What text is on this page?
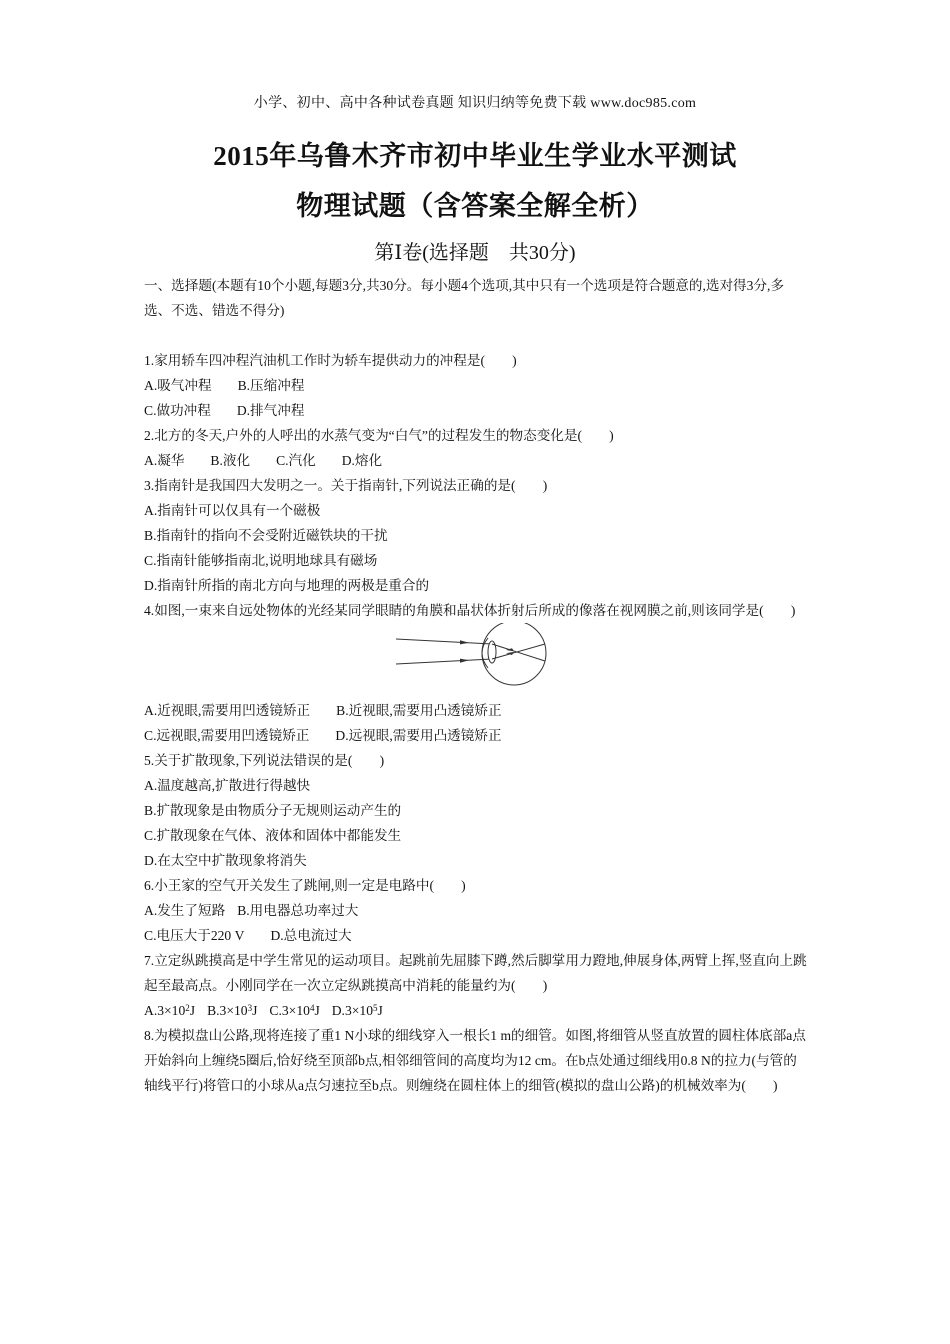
小学、初中、高中各种试卷真题 知识归纳等免费下载 www.doc985.com
2015年乌鲁木齐市初中毕业生学业水平测试
物理试题（含答案全解全析）
第Ⅰ卷(选择题　共30分)

一、选择题(本题有10个小题,每题3分,共30分。每小题4个选项,其中只有一个选项是符合题意的,选对得3分,多选、不选、错选不得分)

1.家用轿车四冲程汽油机工作时为轿车提供动力的冲程是(　　)

A.吸气冲程 B.压缩冲程
C.做功冲程 D.排气冲程

2.北方的冬天,户外的人呼出的水蒸气变为“白气”的过程发生的物态变化是(　　)

A.凝华 B.液化 C.汽化 D.熔化

3.指南针是我国四大发明之一。关于指南针,下列说法正确的是(　　)

A.指南针可以仅具有一个磁极

B.指南针的指向不会受附近磁铁块的干扰

C.指南针能够指南北,说明地球具有磁场

D.指南针所指的南北方向与地理的两极是重合的

4.如图,一束来自远处物体的光经某同学眼睛的角膜和晶状体折射后所成的像落在视网膜之前,则该同学是(　　)

A.近视眼,需要用凹透镜矫正 B.近视眼,需要用凸透镜矫正
C.远视眼,需要用凹透镜矫正 D.远视眼,需要用凸透镜矫正

5.关于扩散现象,下列说法错误的是(　　)

A.温度越高,扩散进行得越快

B.扩散现象是由物质分子无规则运动产生的

C.扩散现象在气体、液体和固体中都能发生

D.在太空中扩散现象将消失

6.小王家的空气开关发生了跳闸,则一定是电路中(　　)

A.发生了短路 B.用电器总功率过大
C.电压大于220 V D.总电流过大

7.立定纵跳摸高是中学生常见的运动项目。起跳前先屈膝下蹲,然后脚掌用力蹬地,伸展身体,两臂上挥,竖直向上跳起至最高点。小刚同学在一次立定纵跳摸高中消耗的能量约为(　　)

$A.3\times 10^2J$ $B.3\times 10^3J$ $C.3\times 10^4J$ $D.3\times 10^5J$

8.为模拟盘山公路,现将连接了重1 N小球的细线穿入一根长1 m的细管。如图,将细管从竖直放置的圆柱体底部a点开始斜向上缠绕5圈后,恰好绕至顶部b点,相邻细管间的高度均为12 cm。在b点处通过细线用0.8 N的拉力(与管的轴线平行)将管口的小球从a点匀速拉至b点。则缠绕在圆柱体上的细管(模拟的盘山公路)的机械效率为(　　)
